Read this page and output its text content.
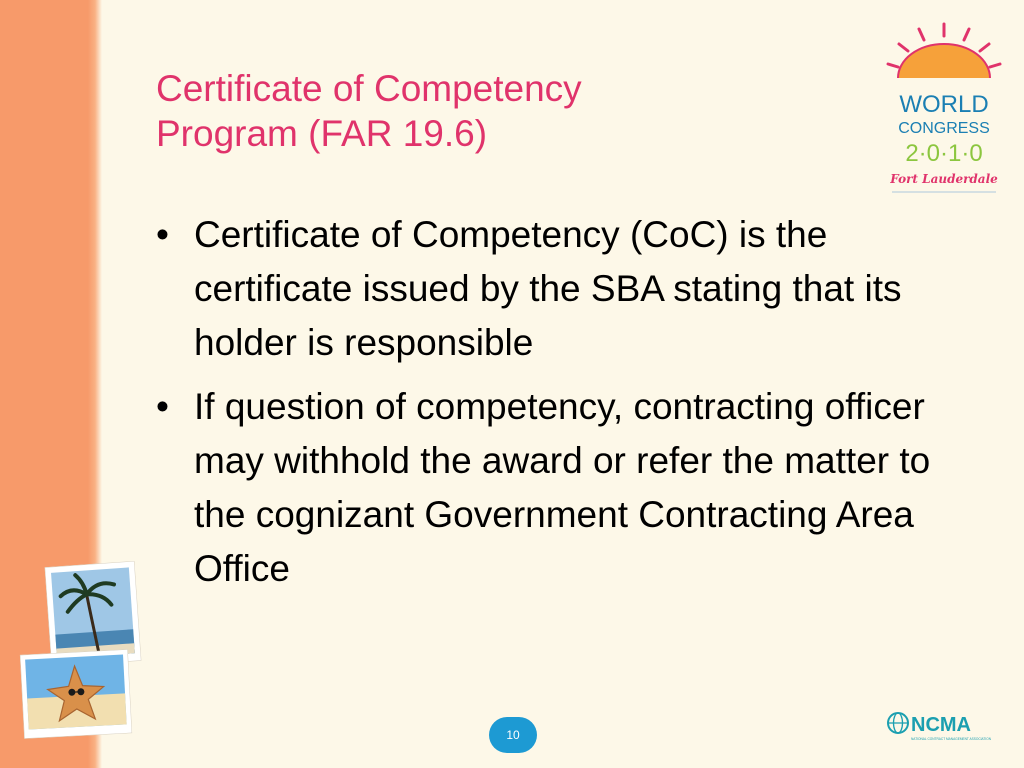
Certificate of Competency
Program (FAR 19.6)
• Certificate of Competency (CoC) is the certificate issued by the SBA stating that its holder is responsible
• If question of competency, contracting officer may withhold the award or refer the matter to the cognizant Government Contracting Area Office
WORLD
CONGRESS
2·0·1·0
Fort Lauderdale
10	NCMA
NATIONAL CONTRACT MANAGEMENT ASSOCIATION
